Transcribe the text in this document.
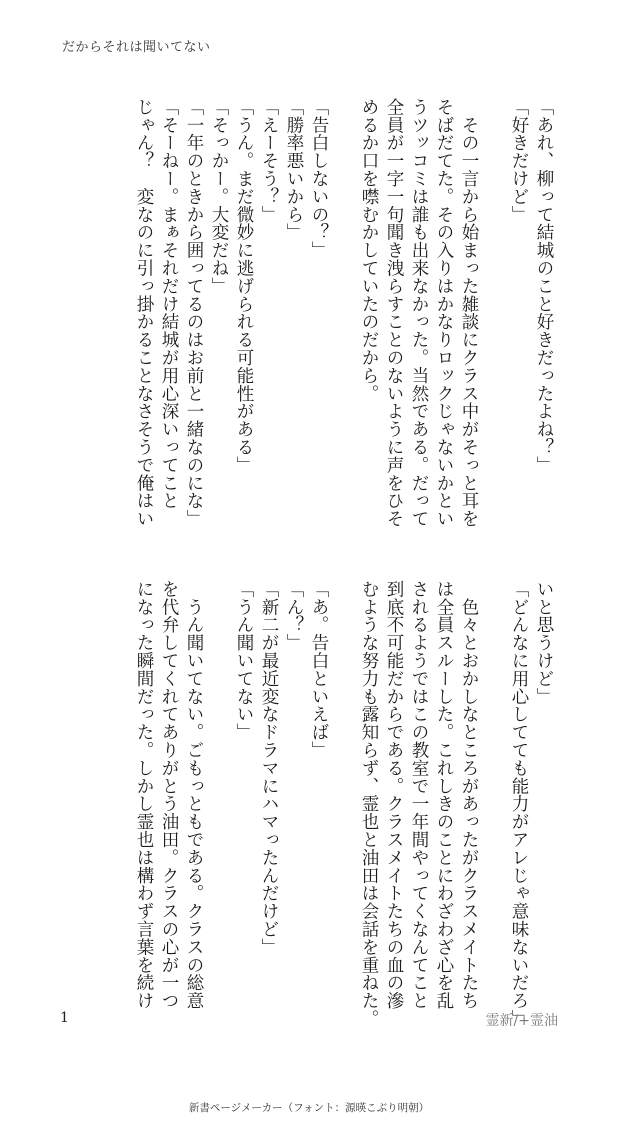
だからそれは聞いてない
「あれ、柳って結城のこと好きだったよね？」
「好きだけど」
　その一言から始まった雑談にクラス中がそっと耳を
そばだてた。その入りはかなりロックじゃないかとい
うツッコミは誰も出来なかった。当然である。だって
全員が一字一句聞き洩らすことのないように声をひそ
めるか口を噤むかしていたのだから。
「告白しないの？」
「勝率悪いから」
「えーそう？」
「うん。まだ微妙に逃げられる可能性がある」
「そっかー。大変だね」
「一年のときから囲ってるのはお前と一緒なのにな」
「そーねー。まぁそれだけ結城が用心深いってこと
じゃん？　変なのに引っ掛かることなさそうで俺はい
いと思うけど」
「どんなに用心してても能力がアレじゃ意味ないだろ」
　色々とおかしなところがあったがクラスメイトたち
は全員スルーした。これしきのことにわざわざ心を乱
されるようではこの教室で一年間やってくなんてこと
到底不可能だからである。クラスメイトたちの血の滲
むような努力も露知らず、霊也と油田は会話を重ねた。
「あ。告白といえば」
「ん？」
「新二が最近変なドラマにハマったんだけど」
「うん聞いてない」
　うん聞いてない。ごもっともである。クラスの総意
を代弁してくれてありがとう油田。クラスの心が一つ
になった瞬間だった。しかし霊也は構わず言葉を続け
1	霊新/+霊油
新書ページメーカー（フォント：源暎こぶり明朝）
